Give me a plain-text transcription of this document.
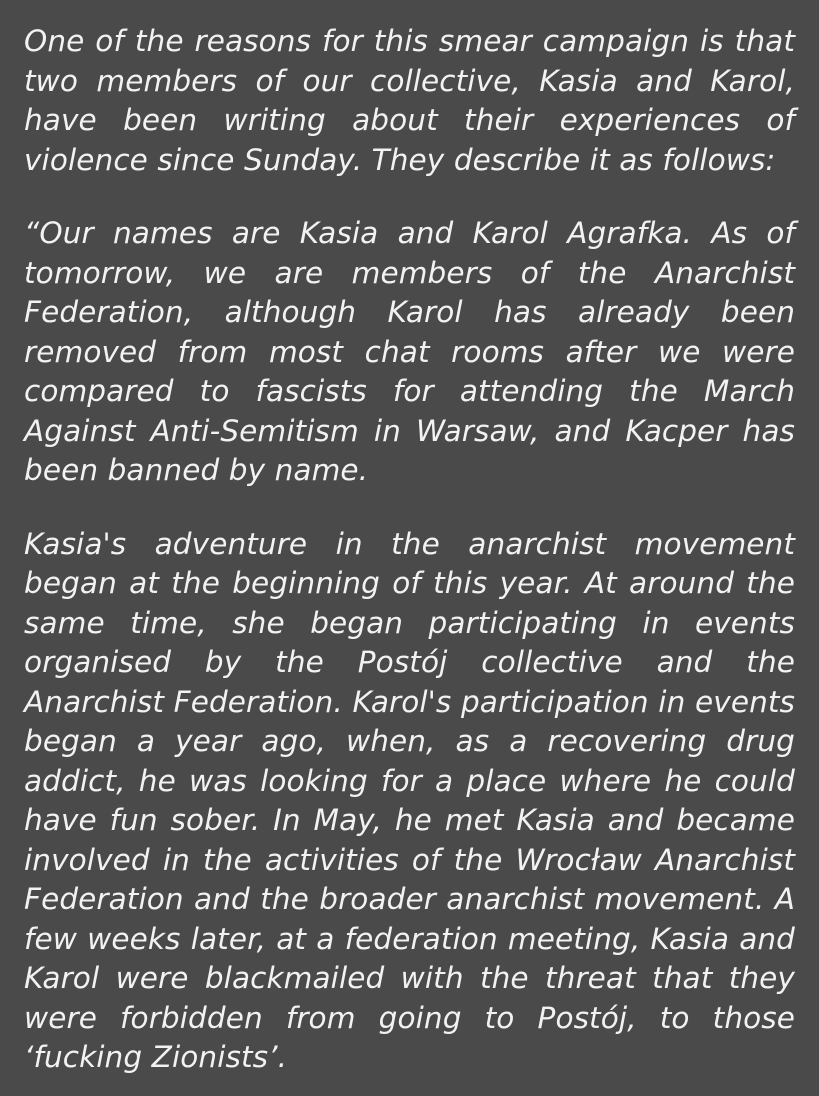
One of the reasons for this smear campaign is that two members of our collective, Kasia and Karol, have been writing about their experiences of violence since Sunday. They describe it as follows:

“Our names are Kasia and Karol Agrafka. As of tomorrow, we are members of the Anarchist Federation, although Karol has already been removed from most chat rooms after we were compared to fascists for attending the March Against Anti-Semitism in Warsaw, and Kacper has been banned by name.

Kasia's adventure in the anarchist movement began at the beginning of this year. At around the same time, she began participating in events organised by the Postój collective and the Anarchist Federation. Karol's participation in events began a year ago, when, as a recovering drug addict, he was looking for a place where he could have fun sober. In May, he met Kasia and became involved in the activities of the Wrocław Anarchist Federation and the broader anarchist movement. A few weeks later, at a federation meeting, Kasia and Karol were blackmailed with the threat that they were forbidden from going to Postój, to those ‘fucking Zionists’.
